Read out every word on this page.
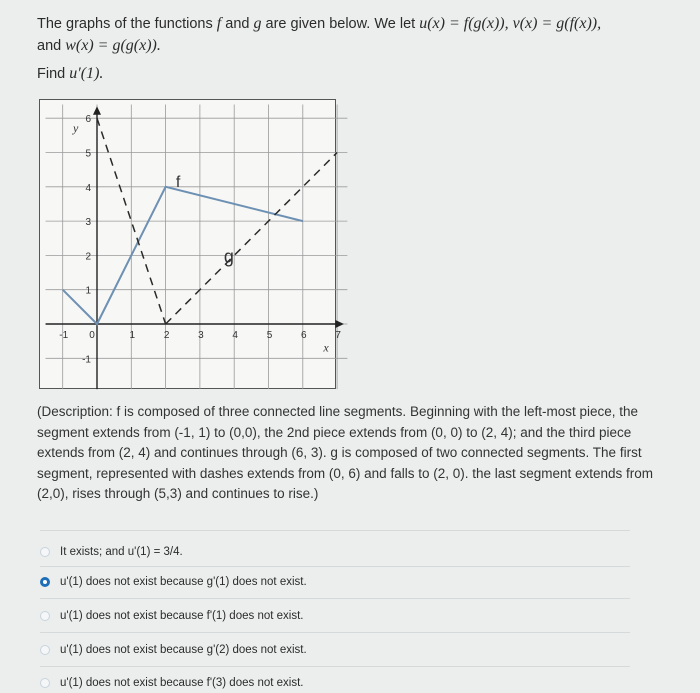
The graphs of the functions f and g are given below. We let u(x) = f(g(x)), v(x) = g(f(x)),
and w(x) = g(g(x)).
Find u′(1).
-1 0	1	2	3	4	5	6	7
6
5
4
3
2
1
-1
y
x
f
g
(Description: f is composed of three connected line segments. Beginning with the left-most piece, the segment extends from (-1, 1) to (0,0), the 2nd piece extends from (0, 0) to (2, 4); and the third piece extends from (2, 4) and continues through (6, 3). g is composed of two connected segments. The first segment, represented with dashes extends from (0, 6) and falls to (2, 0). the last segment extends from (2,0), rises through (5,3) and continues to rise.)
It exists; and u'(1) = 3/4.
u'(1) does not exist because g'(1) does not exist.
u'(1) does not exist because f'(1) does not exist.
u'(1) does not exist because g'(2) does not exist.
u'(1) does not exist because f'(3) does not exist.
